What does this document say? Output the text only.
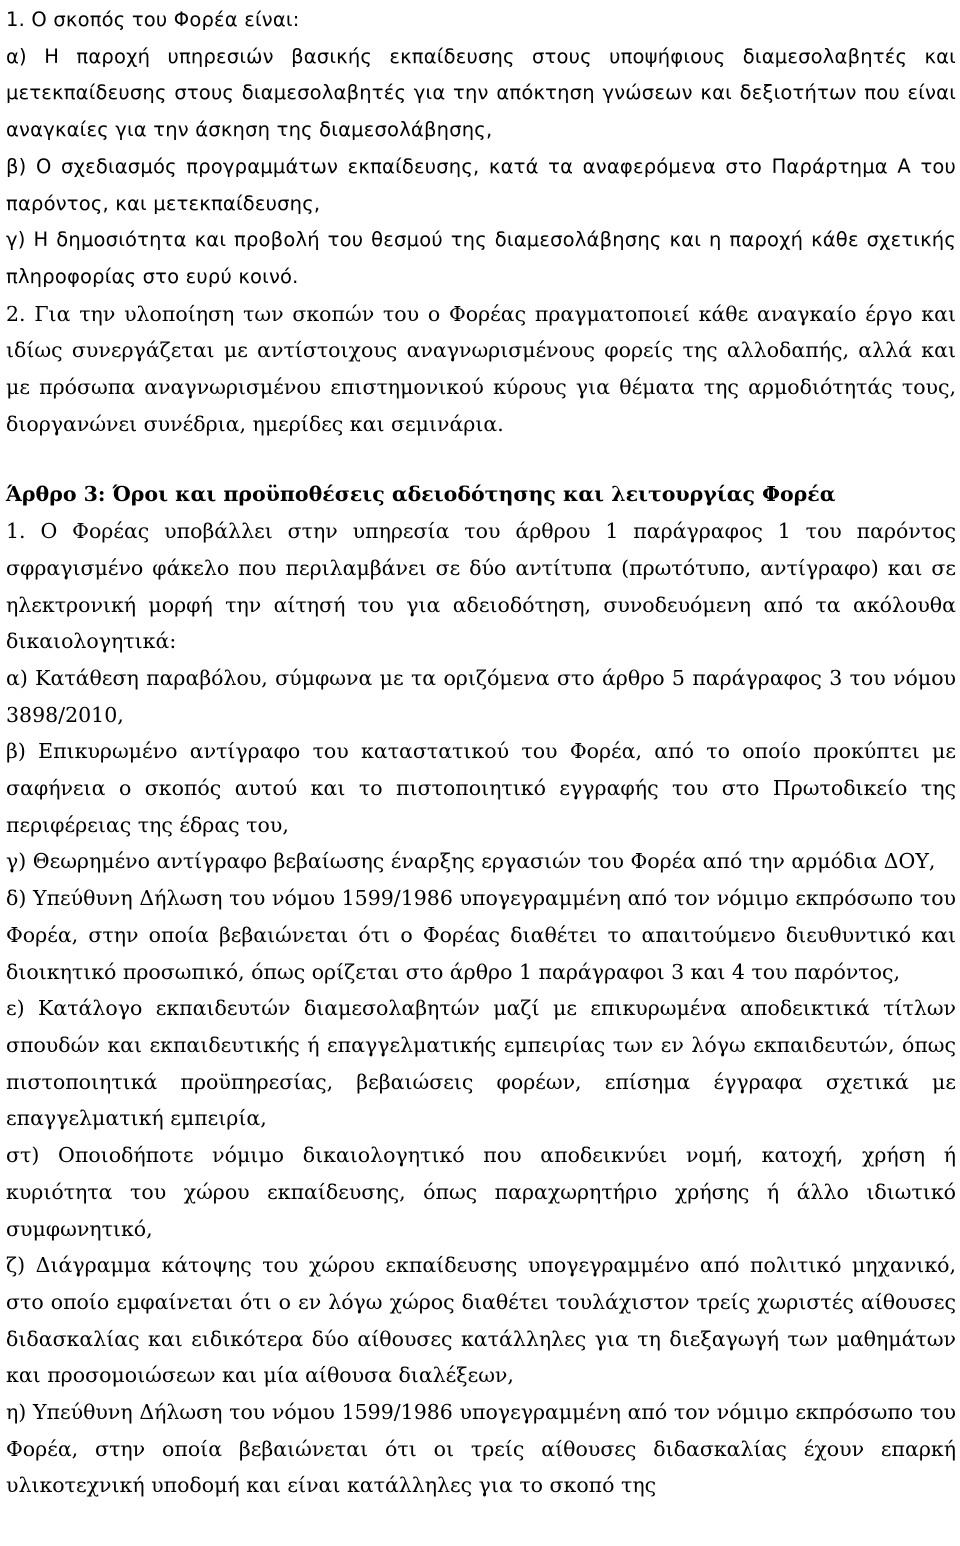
1. Ο σκοπός του Φορέα είναι:

α) Η παροχή υπηρεσιών βασικής εκπαίδευσης στους υποψήφιους διαμεσολαβητές και μετεκπαίδευσης στους διαμεσολαβητές για την απόκτηση γνώσεων και δεξιοτήτων που είναι αναγκαίες για την άσκηση της διαμεσολάβησης,

β) Ο σχεδιασμός προγραμμάτων εκπαίδευσης, κατά τα αναφερόμενα στο Παράρτημα Α του παρόντος, και μετεκπαίδευσης,

γ) Η δημοσιότητα και προβολή του θεσμού της διαμεσολάβησης και η παροχή κάθε σχετικής πληροφορίας στο ευρύ κοινό.

2. Για την υλοποίηση των σκοπών του ο Φορέας πραγματοποιεί κάθε αναγκαίο έργο και ιδίως συνεργάζεται με αντίστοιχους αναγνωρισμένους φορείς της αλλοδαπής, αλλά και με πρόσωπα αναγνωρισμένου επιστημονικού κύρους για θέματα της αρμοδιότητάς τους, διοργανώνει συνέδρια, ημερίδες και σεμινάρια.

Άρθρο 3: Όροι και προϋποθέσεις αδειοδότησης και λειτουργίας Φορέα

1. Ο Φορέας υποβάλλει στην υπηρεσία του άρθρου 1 παράγραφος 1 του παρόντος σφραγισμένο φάκελο που περιλαμβάνει σε δύο αντίτυπα (πρωτότυπο, αντίγραφο) και σε ηλεκτρονική μορφή την αίτησή του για αδειοδότηση, συνοδευόμενη από τα ακόλουθα δικαιολογητικά:

α) Κατάθεση παραβόλου, σύμφωνα με τα οριζόμενα στο άρθρο 5 παράγραφος 3 του νόμου 3898/2010,

β) Επικυρωμένο αντίγραφο του καταστατικού του Φορέα, από το οποίο προκύπτει με σαφήνεια ο σκοπός αυτού και το πιστοποιητικό εγγραφής του στο Πρωτοδικείο της περιφέρειας της έδρας του,

γ) Θεωρημένο αντίγραφο βεβαίωσης έναρξης εργασιών του Φορέα από την αρμόδια ΔΟΥ,

δ) Υπεύθυνη Δήλωση του νόμου 1599/1986 υπογεγραμμένη από τον νόμιμο εκπρόσωπο του Φορέα, στην οποία βεβαιώνεται ότι ο Φορέας διαθέτει το απαιτούμενο διευθυντικό και διοικητικό προσωπικό, όπως ορίζεται στο άρθρο 1 παράγραφοι 3 και 4 του παρόντος,

ε) Κατάλογο εκπαιδευτών διαμεσολαβητών μαζί με επικυρωμένα αποδεικτικά τίτλων σπουδών και εκπαιδευτικής ή επαγγελματικής εμπειρίας των εν λόγω εκπαιδευτών, όπως πιστοποιητικά προϋπηρεσίας, βεβαιώσεις φορέων, επίσημα έγγραφα σχετικά με επαγγελματική εμπειρία,

στ) Οποιοδήποτε νόμιμο δικαιολογητικό που αποδεικνύει νομή, κατοχή, χρήση ή κυριότητα του χώρου εκπαίδευσης, όπως παραχωρητήριο χρήσης ή άλλο ιδιωτικό συμφωνητικό,

ζ) Διάγραμμα κάτοψης του χώρου εκπαίδευσης υπογεγραμμένο από πολιτικό μηχανικό, στο οποίο εμφαίνεται ότι ο εν λόγω χώρος διαθέτει τουλάχιστον τρείς χωριστές αίθουσες διδασκαλίας και ειδικότερα δύο αίθουσες κατάλληλες για τη διεξαγωγή των μαθημάτων και προσομοιώσεων και μία αίθουσα διαλέξεων,

η) Υπεύθυνη Δήλωση του νόμου 1599/1986 υπογεγραμμένη από τον νόμιμο εκπρόσωπο του Φορέα, στην οποία βεβαιώνεται ότι οι τρείς αίθουσες διδασκαλίας έχουν επαρκή υλικοτεχνική υποδομή και είναι κατάλληλες για το σκοπό της
